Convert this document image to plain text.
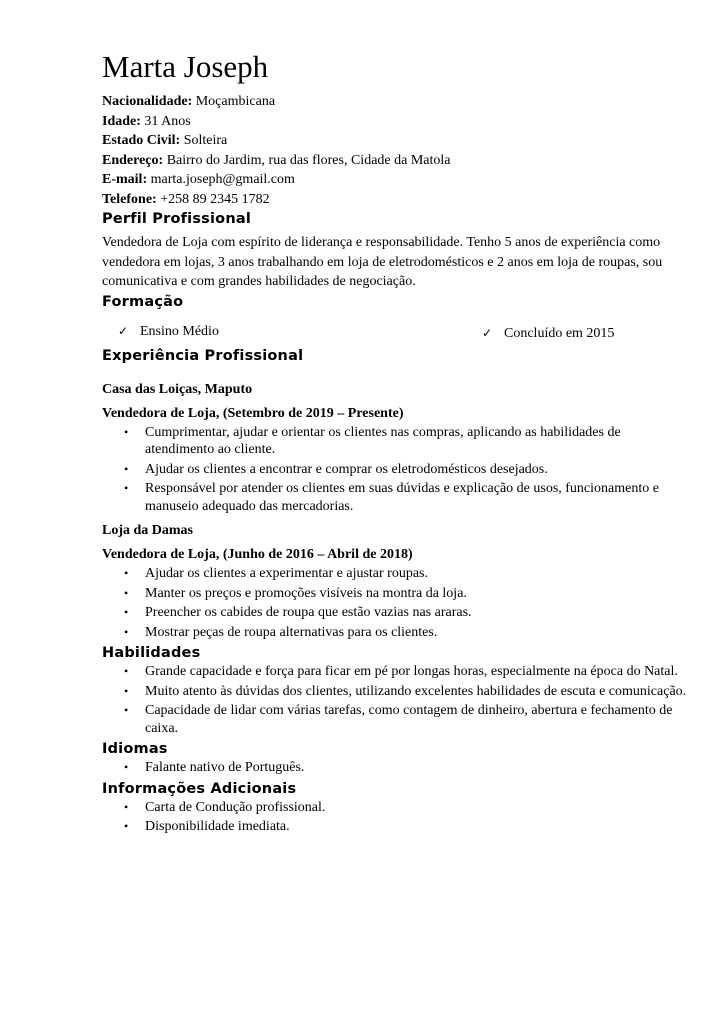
Marta Joseph
Nacionalidade: Moçambicana
Idade: 31 Anos
Estado Civil: Solteira
Endereço: Bairro do Jardim, rua das flores, Cidade da Matola
E-mail: marta.joseph@gmail.com
Telefone: +258 89 2345 1782
Perfil Profissional
Vendedora de Loja com espírito de liderança e responsabilidade. Tenho 5 anos de experiência como vendedora em lojas, 3 anos trabalhando em loja de eletrodomésticos e 2 anos em loja de roupas, sou comunicativa e com grandes habilidades de negociação.
Formação
✓ Ensino Médio	✓ Concluído em 2015
Experiência Profissional
Casa das Loiças, Maputo
Vendedora de Loja, (Setembro de 2019 – Presente)
• Cumprimentar, ajudar e orientar os clientes nas compras, aplicando as habilidades de atendimento ao cliente.
• Ajudar os clientes a encontrar e comprar os eletrodomésticos desejados.
• Responsável por atender os clientes em suas dúvidas e explicação de usos, funcionamento e manuseio adequado das mercadorias.
Loja da Damas
Vendedora de Loja, (Junho de 2016 – Abril de 2018)
• Ajudar os clientes a experimentar e ajustar roupas.
• Manter os preços e promoções visíveis na montra da loja.
• Preencher os cabides de roupa que estão vazias nas araras.
• Mostrar peças de roupa alternativas para os clientes.
Habilidades
• Grande capacidade e força para ficar em pé por longas horas, especialmente na época do Natal.
• Muito atento às dúvidas dos clientes, utilizando excelentes habilidades de escuta e comunicação.
• Capacidade de lidar com várias tarefas, como contagem de dinheiro, abertura e fechamento de caixa.
Idiomas
• Falante nativo de Português.
Informações Adicionais
• Carta de Condução profissional.
• Disponibilidade imediata.
